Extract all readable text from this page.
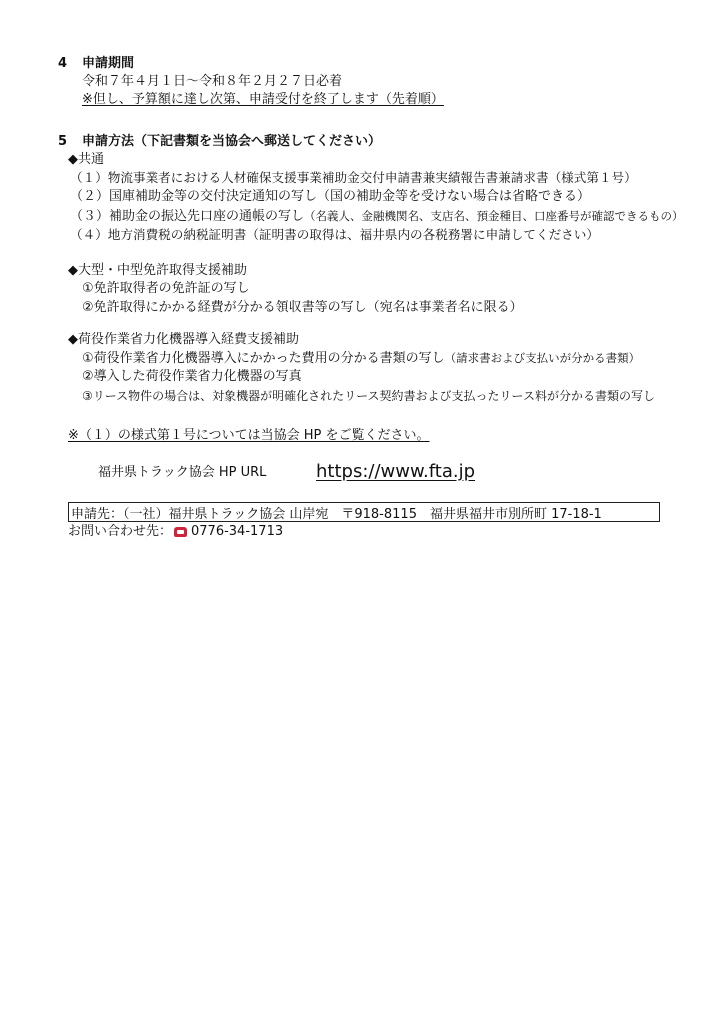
4 申請期間
令和７年４月１日～令和８年２月２７日必着
※但し、予算額に達し次第、申請受付を終了します（先着順）
5 申請方法（下記書類を当協会へ郵送してください）
◆共通
（１）物流事業者における人材確保支援事業補助金交付申請書兼実績報告書兼請求書（様式第１号）
（２）国庫補助金等の交付決定通知の写し（国の補助金等を受けない場合は省略できる）
（３）補助金の振込先口座の通帳の写し（名義人、金融機関名、支店名、預金種目、口座番号が確認できるもの）
（４）地方消費税の納税証明書（証明書の取得は、福井県内の各税務署に申請してください）
◆大型・中型免許取得支援補助
①免許取得者の免許証の写し
②免許取得にかかる経費が分かる領収書等の写し（宛名は事業者名に限る）
◆荷役作業省力化機器導入経費支援補助
①荷役作業省力化機器導入にかかった費用の分かる書類の写し（請求書および支払いが分かる書類）
②導入した荷役作業省力化機器の写真
③リース物件の場合は、対象機器が明確化されたリース契約書および支払ったリース料が分かる書類の写し
※（１）の様式第１号については当協会 HP をご覧ください。
福井県トラック協会 HP URL	https://www.fta.jp
申請先：（一社）福井県トラック協会 山岸宛　〒918-8115　福井県福井市別所町 17-18-1
お問い合わせ先： 0776-34-1713
